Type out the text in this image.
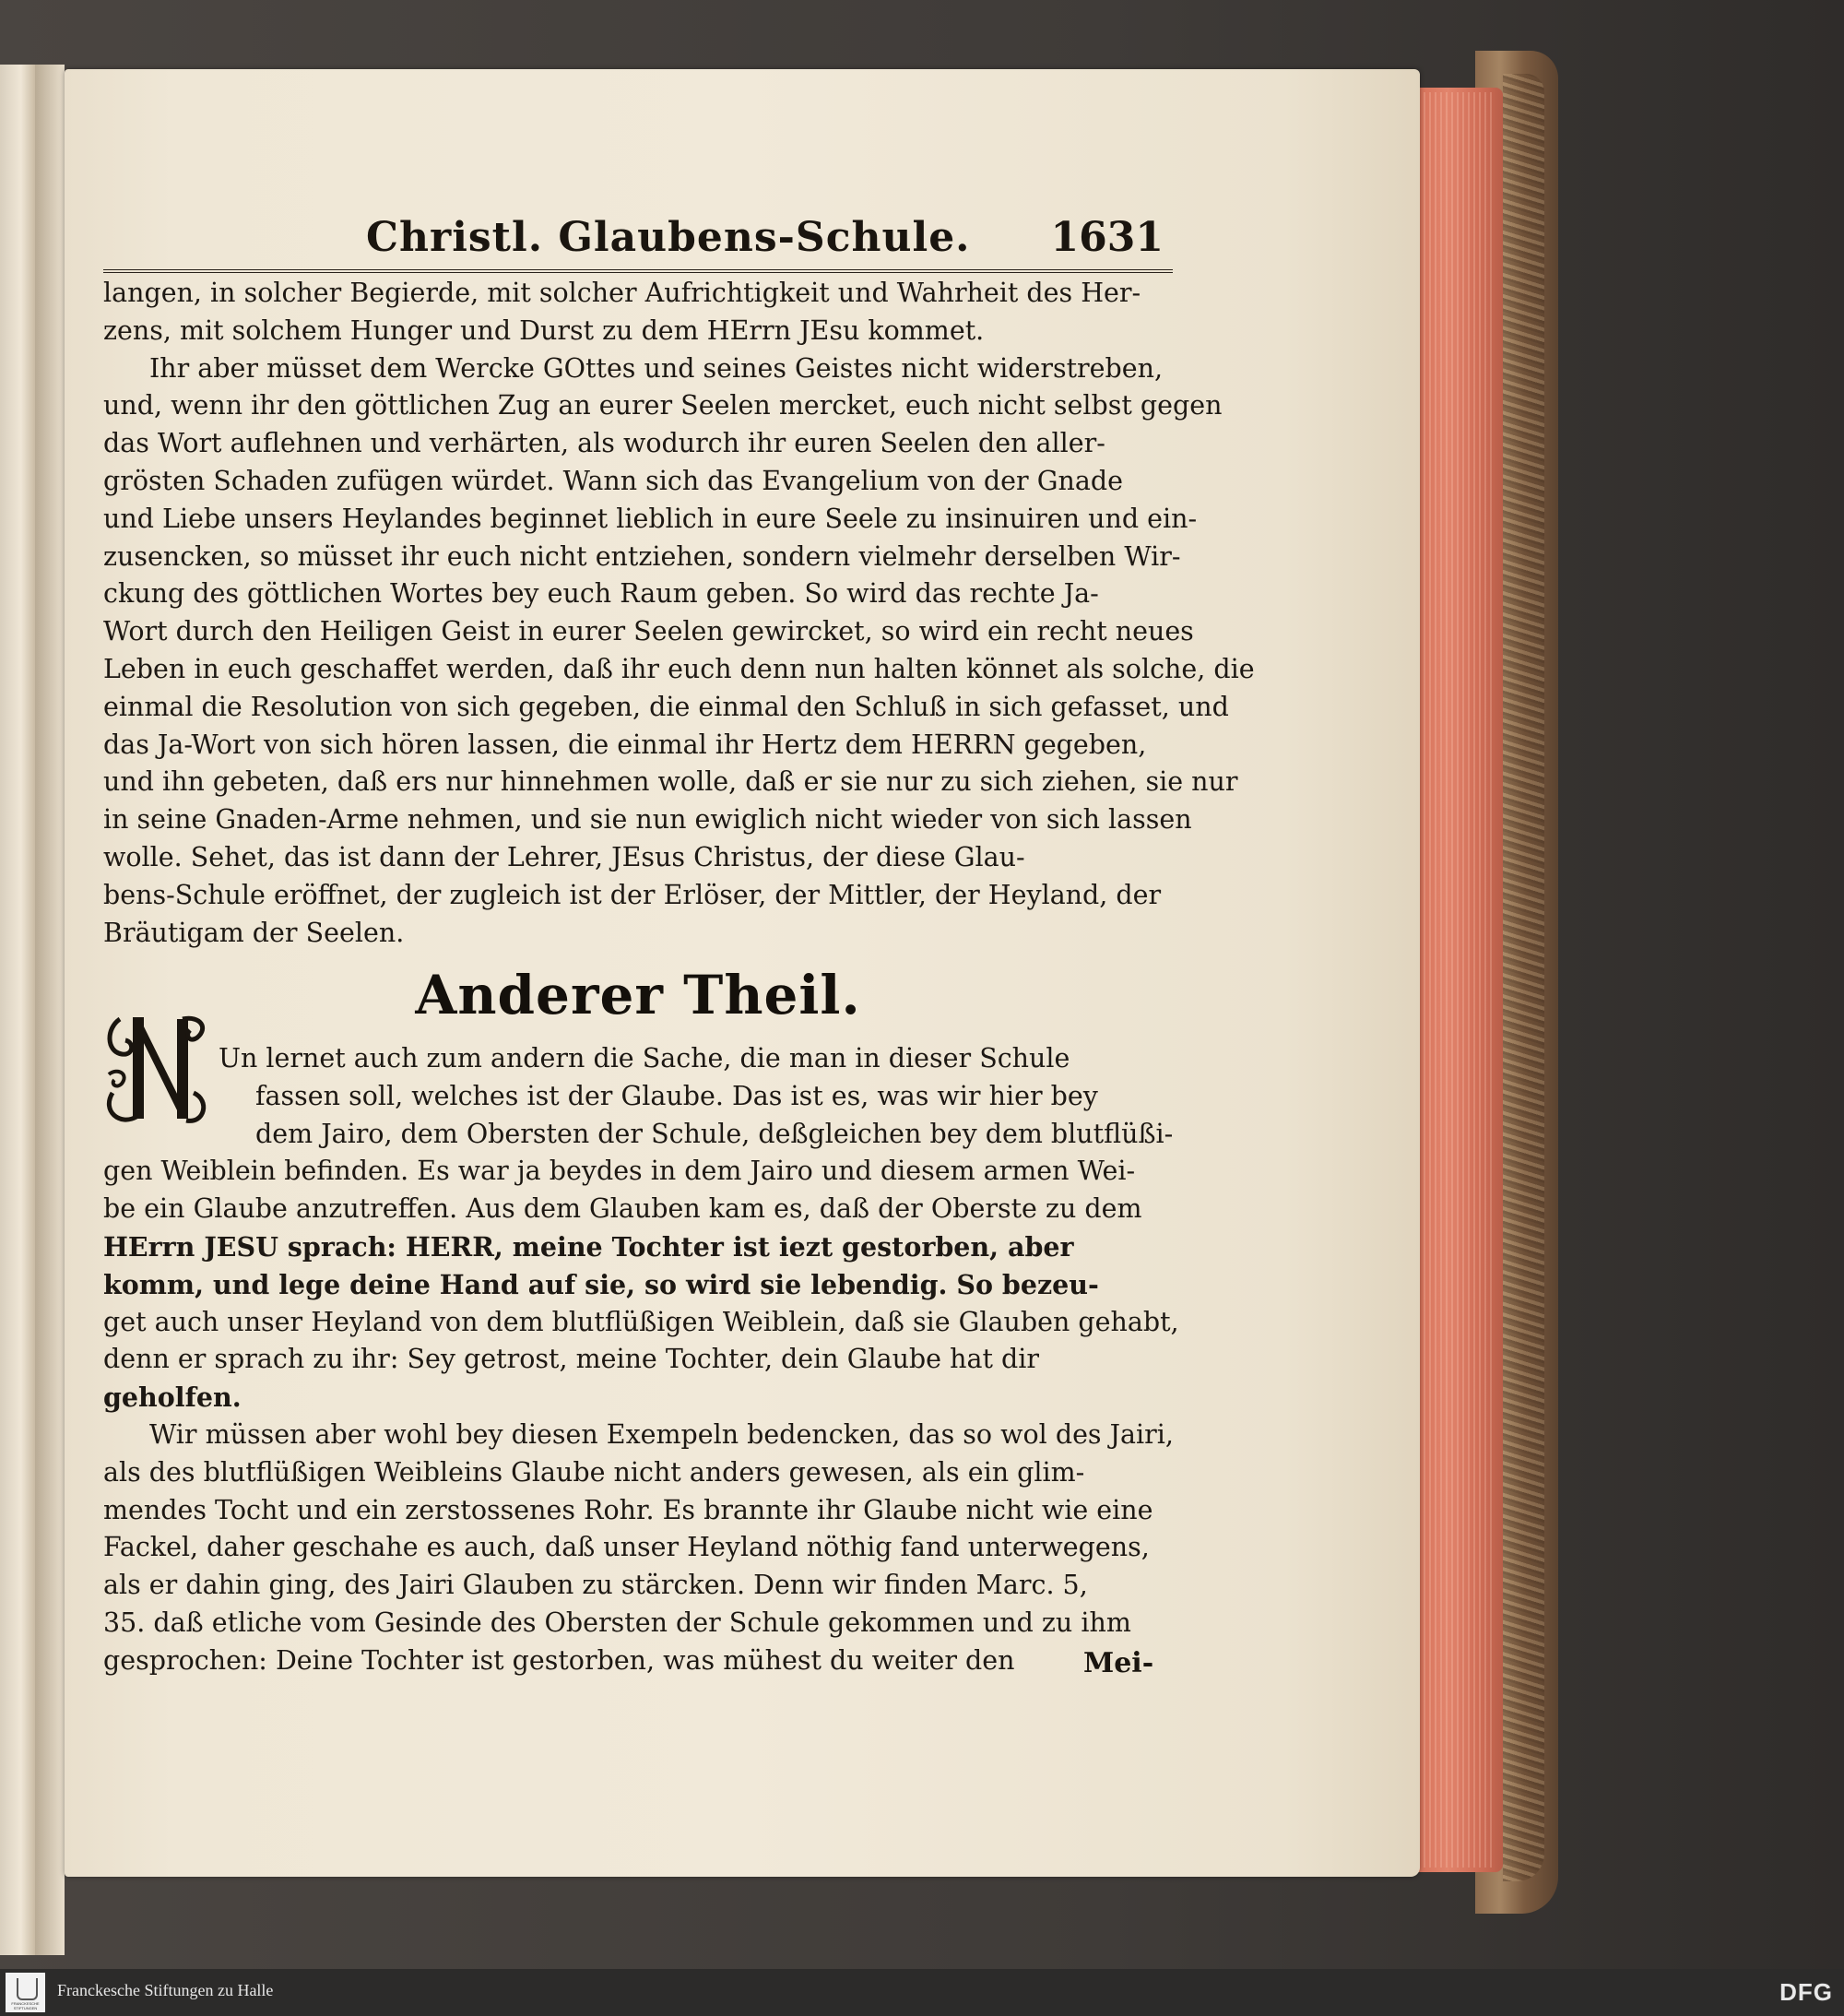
Christl. Glaubens-Schule. 1631
langen, in solcher Begierde, mit solcher Aufrichtigkeit und Wahrheit des Her-
zens, mit solchem Hunger und Durst zu dem HErrn JEsu kommet.
Ihr aber müsset dem Wercke GOttes und seines Geistes nicht widerstreben,
und, wenn ihr den göttlichen Zug an eurer Seelen mercket, euch nicht selbst gegen
das Wort auflehnen und verhärten, als wodurch ihr euren Seelen den aller-
grösten Schaden zufügen würdet. Wann sich das Evangelium von der Gnade
und Liebe unsers Heylandes beginnet lieblich in eure Seele zu insinuiren und ein-
zusencken, so müsset ihr euch nicht entziehen, sondern vielmehr derselben Wir-
ckung des göttlichen Wortes bey euch Raum geben. So wird das rechte Ja-
Wort durch den Heiligen Geist in eurer Seelen gewircket, so wird ein recht neues
Leben in euch geschaffet werden, daß ihr euch denn nun halten könnet als solche, die
einmal die Resolution von sich gegeben, die einmal den Schluß in sich gefasset, und
das Ja-Wort von sich hören lassen, die einmal ihr Hertz dem HERRN gegeben,
und ihn gebeten, daß ers nur hinnehmen wolle, daß er sie nur zu sich ziehen, sie nur
in seine Gnaden-Arme nehmen, und sie nun ewiglich nicht wieder von sich lassen
wolle. Sehet, das ist dann der Lehrer, JEsus Christus, der diese Glau-
bens-Schule eröffnet, der zugleich ist der Erlöser, der Mittler, der Heyland, der
Bräutigam der Seelen.
Anderer Theil.
Un lernet auch zum andern die Sache, die man in dieser Schule
fassen soll, welches ist der Glaube. Das ist es, was wir hier bey
dem Jairo, dem Obersten der Schule, deßgleichen bey dem blutflüßi-
gen Weiblein befinden. Es war ja beydes in dem Jairo und diesem armen Wei-
be ein Glaube anzutreffen. Aus dem Glauben kam es, daß der Oberste zu dem
HErrn JESU sprach: HERR, meine Tochter ist iezt gestorben, aber
komm, und lege deine Hand auf sie, so wird sie lebendig. So bezeu-
get auch unser Heyland von dem blutflüßigen Weiblein, daß sie Glauben gehabt,
denn er sprach zu ihr: Sey getrost, meine Tochter, dein Glaube hat dir
geholfen.
Wir müssen aber wohl bey diesen Exempeln bedencken, das so wol des Jairi,
als des blutflüßigen Weibleins Glaube nicht anders gewesen, als ein glim-
mendes Tocht und ein zerstossenes Rohr. Es brannte ihr Glaube nicht wie eine
Fackel, daher geschahe es auch, daß unser Heyland nöthig fand unterwegens,
als er dahin ging, des Jairi Glauben zu stärcken. Denn wir finden Marc. 5,
35. daß etliche vom Gesinde des Obersten der Schule gekommen und zu ihm
gesprochen: Deine Tochter ist gestorben, was mühest du weiter den	Mei-
FRANCKESCHE STIFTUNGEN
Franckesche Stiftungen zu Halle	DFG
